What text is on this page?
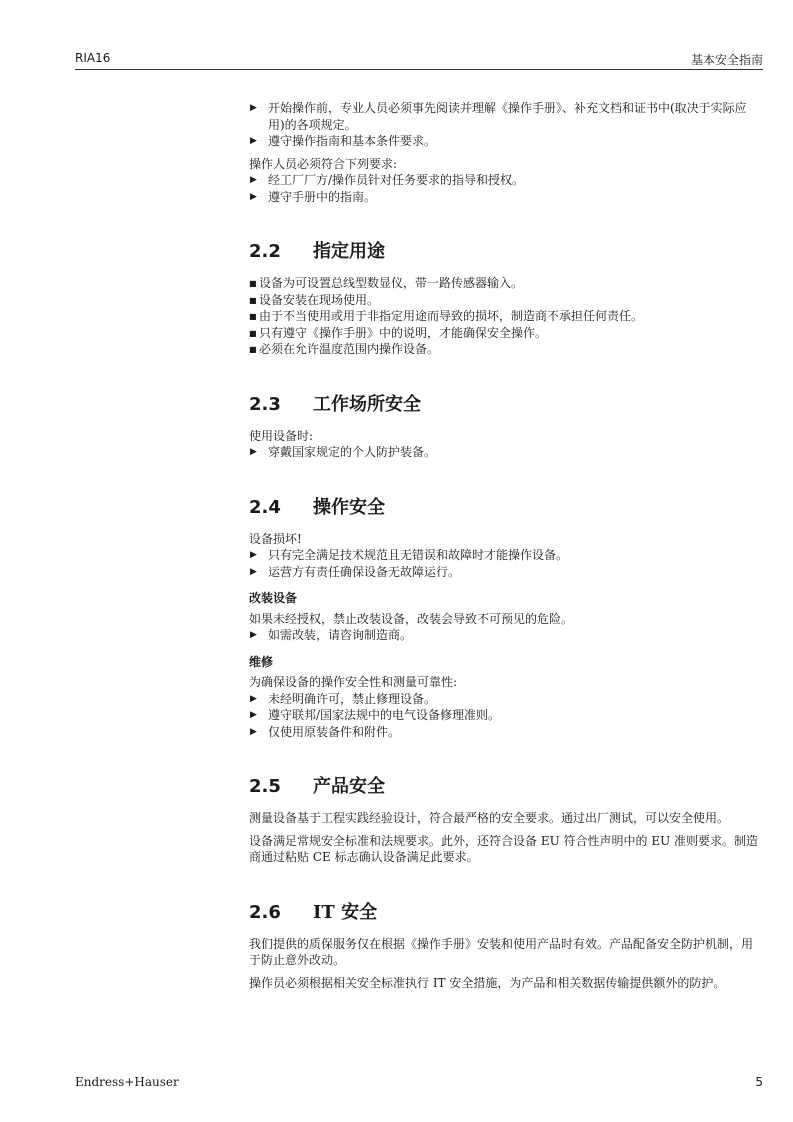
RIA16	基本安全指南
▶ 开始操作前，专业人员必须事先阅读并理解《操作手册》、补充文档和证书中(取决于实际应用)的各项规定。
▶ 遵守操作指南和基本条件要求。

操作人员必须符合下列要求:

▶ 经工厂厂方/操作员针对任务要求的指导和授权。
▶ 遵守手册中的指南。
2.2 指定用途
■ 设备为可设置总线型数显仪，带一路传感器输入。
■ 设备安装在现场使用。
■ 由于不当使用或用于非指定用途而导致的损坏，制造商不承担任何责任。
■ 只有遵守《操作手册》中的说明，才能确保安全操作。
■ 必须在允许温度范围内操作设备。
2.3 工作场所安全

使用设备时:

▶ 穿戴国家规定的个人防护装备。
2.4 操作安全

设备损坏!

▶ 只有完全满足技术规范且无错误和故障时才能操作设备。
▶ 运营方有责任确保设备无故障运行。
改装设备

如果未经授权，禁止改装设备，改装会导致不可预见的危险。

▶ 如需改装，请咨询制造商。
维修

为确保设备的操作安全性和测量可靠性:

▶ 未经明确许可，禁止修理设备。
▶ 遵守联邦/国家法规中的电气设备修理准则。
▶ 仅使用原装备件和附件。
2.5 产品安全

测量设备基于工程实践经验设计，符合最严格的安全要求。通过出厂测试，可以安全使用。

设备满足常规安全标准和法规要求。此外，还符合设备 EU 符合性声明中的 EU 准则要求。制造商通过粘贴 CE 标志确认设备满足此要求。

2.6 IT 安全

我们提供的质保服务仅在根据《操作手册》安装和使用产品时有效。产品配备安全防护机制，用于防止意外改动。

操作员必须根据相关安全标准执行 IT 安全措施，为产品和相关数据传输提供额外的防护。

Endress+Hauser	5
